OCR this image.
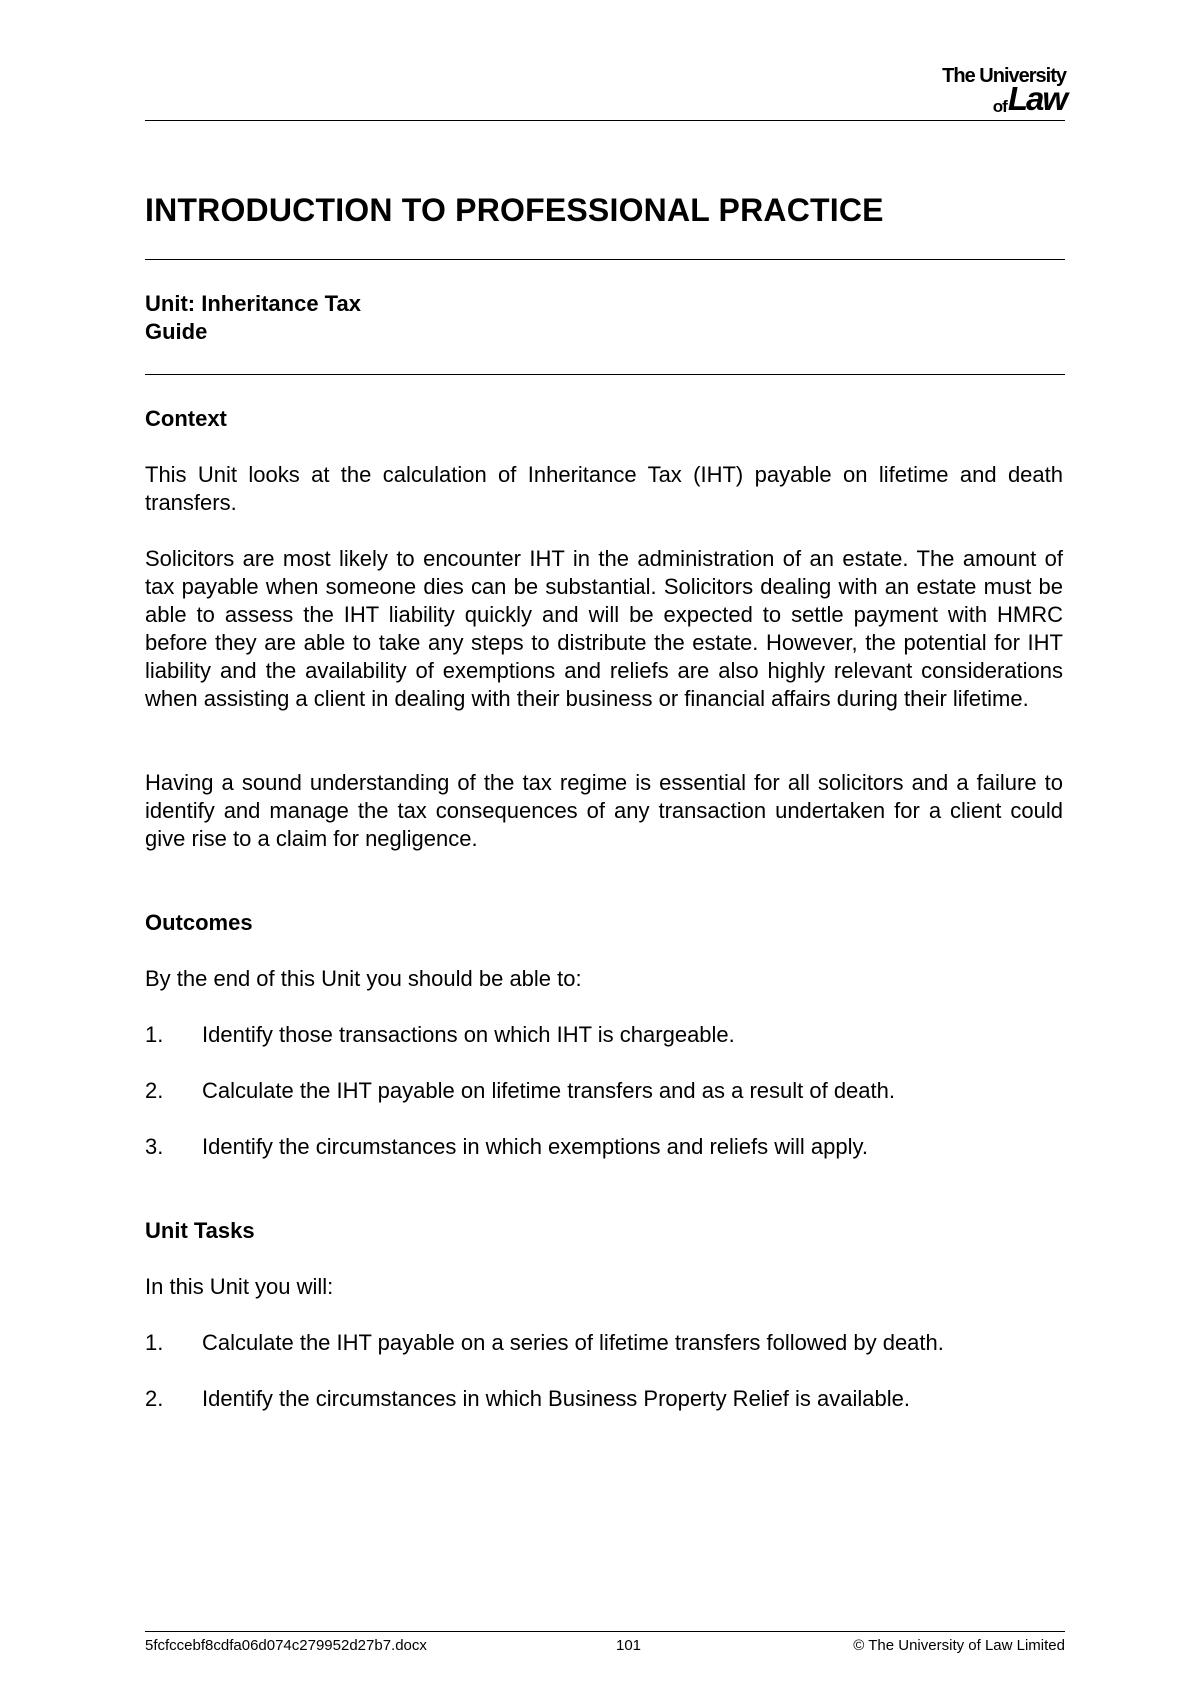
The University
of Law
INTRODUCTION TO PROFESSIONAL PRACTICE
Unit: Inheritance Tax
Guide
Context
This Unit looks at the calculation of Inheritance Tax (IHT) payable on lifetime and death transfers.
Solicitors are most likely to encounter IHT in the administration of an estate. The amount of tax payable when someone dies can be substantial. Solicitors dealing with an estate must be able to assess the IHT liability quickly and will be expected to settle payment with HMRC before they are able to take any steps to distribute the estate. However, the potential for IHT liability and the availability of exemptions and reliefs are also highly relevant considerations when assisting a client in dealing with their business or financial affairs during their lifetime.
Having a sound understanding of the tax regime is essential for all solicitors and a failure to identify and manage the tax consequences of any transaction undertaken for a client could give rise to a claim for negligence.
Outcomes
By the end of this Unit you should be able to:
1. Identify those transactions on which IHT is chargeable.
2. Calculate the IHT payable on lifetime transfers and as a result of death.
3. Identify the circumstances in which exemptions and reliefs will apply.
Unit Tasks
In this Unit you will:
1. Calculate the IHT payable on a series of lifetime transfers followed by death.
2. Identify the circumstances in which Business Property Relief is available.
5fcfccebf8cdfa06d074c279952d27b7.docx	101	© The University of Law Limited
